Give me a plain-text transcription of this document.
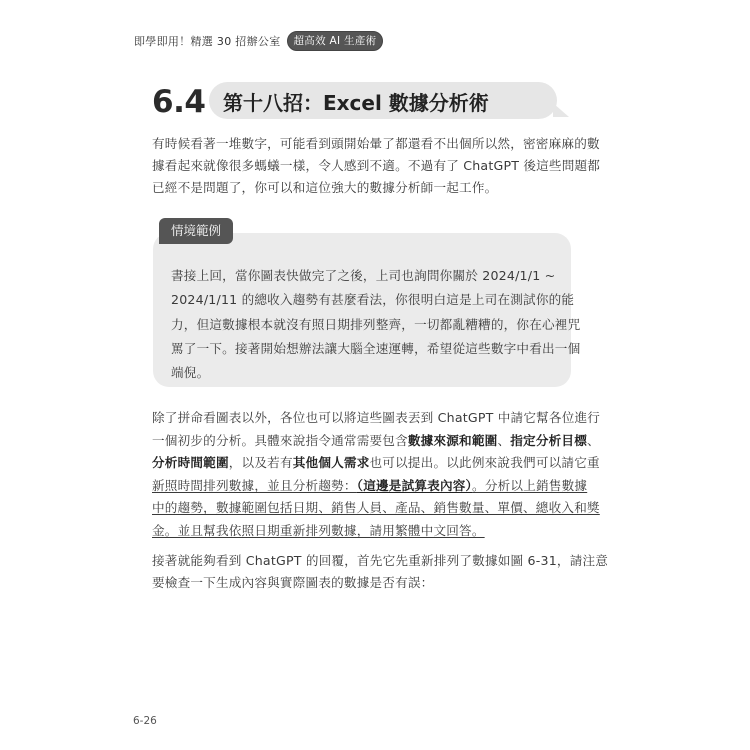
即學即用！精選 30 招辦公室	超高效 AI 生產術
6.4 第十八招：Excel 數據分析術
有時候看著一堆數字，可能看到頭開始暈了都還看不出個所以然，密密麻麻的數
據看起來就像很多螞蟻一樣，令人感到不適。不過有了 ChatGPT 後這些問題都
已經不是問題了，你可以和這位強大的數據分析師一起工作。
情境範例
書接上回，當你圖表快做完了之後，上司也詢問你關於 2024/1/1 ~
2024/1/11 的總收入趨勢有甚麼看法，你很明白這是上司在測試你的能
力，但這數據根本就沒有照日期排列整齊，一切都亂糟糟的，你在心裡咒
罵了一下。接著開始想辦法讓大腦全速運轉，希望從這些數字中看出一個
端倪。
除了拼命看圖表以外，各位也可以將這些圖表丟到 ChatGPT 中請它幫各位進行
一個初步的分析。具體來說指令通常需要包含數據來源和範圍、指定分析目標、
分析時間範圍，以及若有其他個人需求也可以提出。以此例來說我們可以請它重
新照時間排列數據，並且分析趨勢：（這邊是試算表內容）。分析以上銷售數據
中的趨勢，數據範圍包括日期、銷售人員、產品、銷售數量、單價、總收入和獎
金。並且幫我依照日期重新排列數據，請用繁體中文回答。
接著就能夠看到 ChatGPT 的回覆，首先它先重新排列了數據如圖 6-31，請注意
要檢查一下生成內容與實際圖表的數據是否有誤：
6-26
